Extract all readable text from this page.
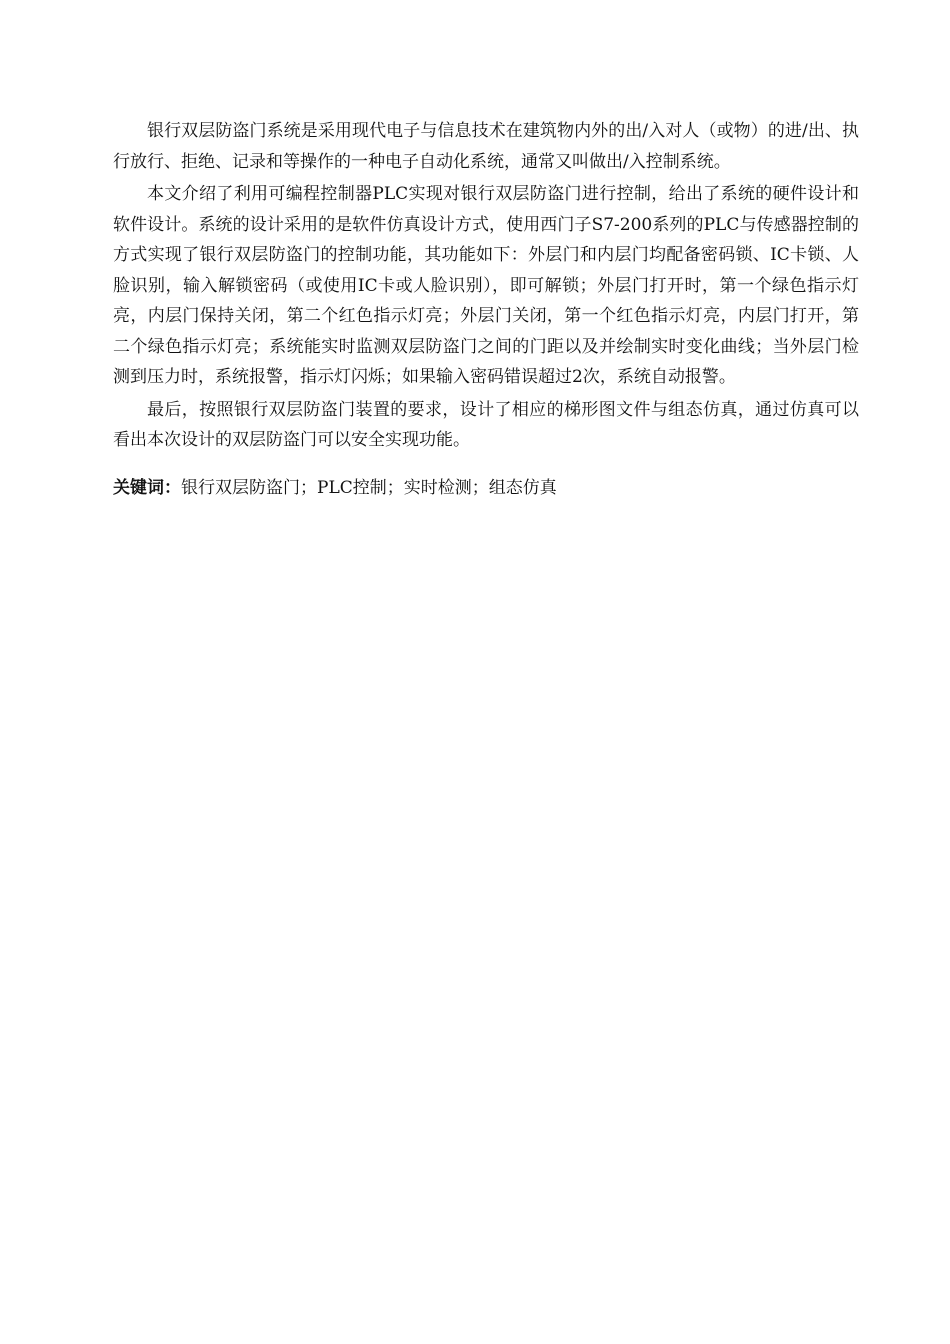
银行双层防盗门系统是采用现代电子与信息技术在建筑物内外的出/入对人（或物）的进/出、执行放行、拒绝、记录和等操作的一种电子自动化系统，通常又叫做出/入控制系统。

本文介绍了利用可编程控制器PLC实现对银行双层防盗门进行控制，给出了系统的硬件设计和软件设计。系统的设计采用的是软件仿真设计方式，使用西门子S7-200系列的PLC与传感器控制的方式实现了银行双层防盗门的控制功能，其功能如下：外层门和内层门均配备密码锁、IC卡锁、人脸识别，输入解锁密码（或使用IC卡或人脸识别），即可解锁；外层门打开时，第一个绿色指示灯亮，内层门保持关闭，第二个红色指示灯亮；外层门关闭，第一个红色指示灯亮，内层门打开，第二个绿色指示灯亮；系统能实时监测双层防盗门之间的门距以及并绘制实时变化曲线；当外层门检测到压力时，系统报警，指示灯闪烁；如果输入密码错误超过2次，系统自动报警。

最后，按照银行双层防盗门装置的要求，设计了相应的梯形图文件与组态仿真，通过仿真可以看出本次设计的双层防盗门可以安全实现功能。

关键词：银行双层防盗门；PLC控制；实时检测；组态仿真
